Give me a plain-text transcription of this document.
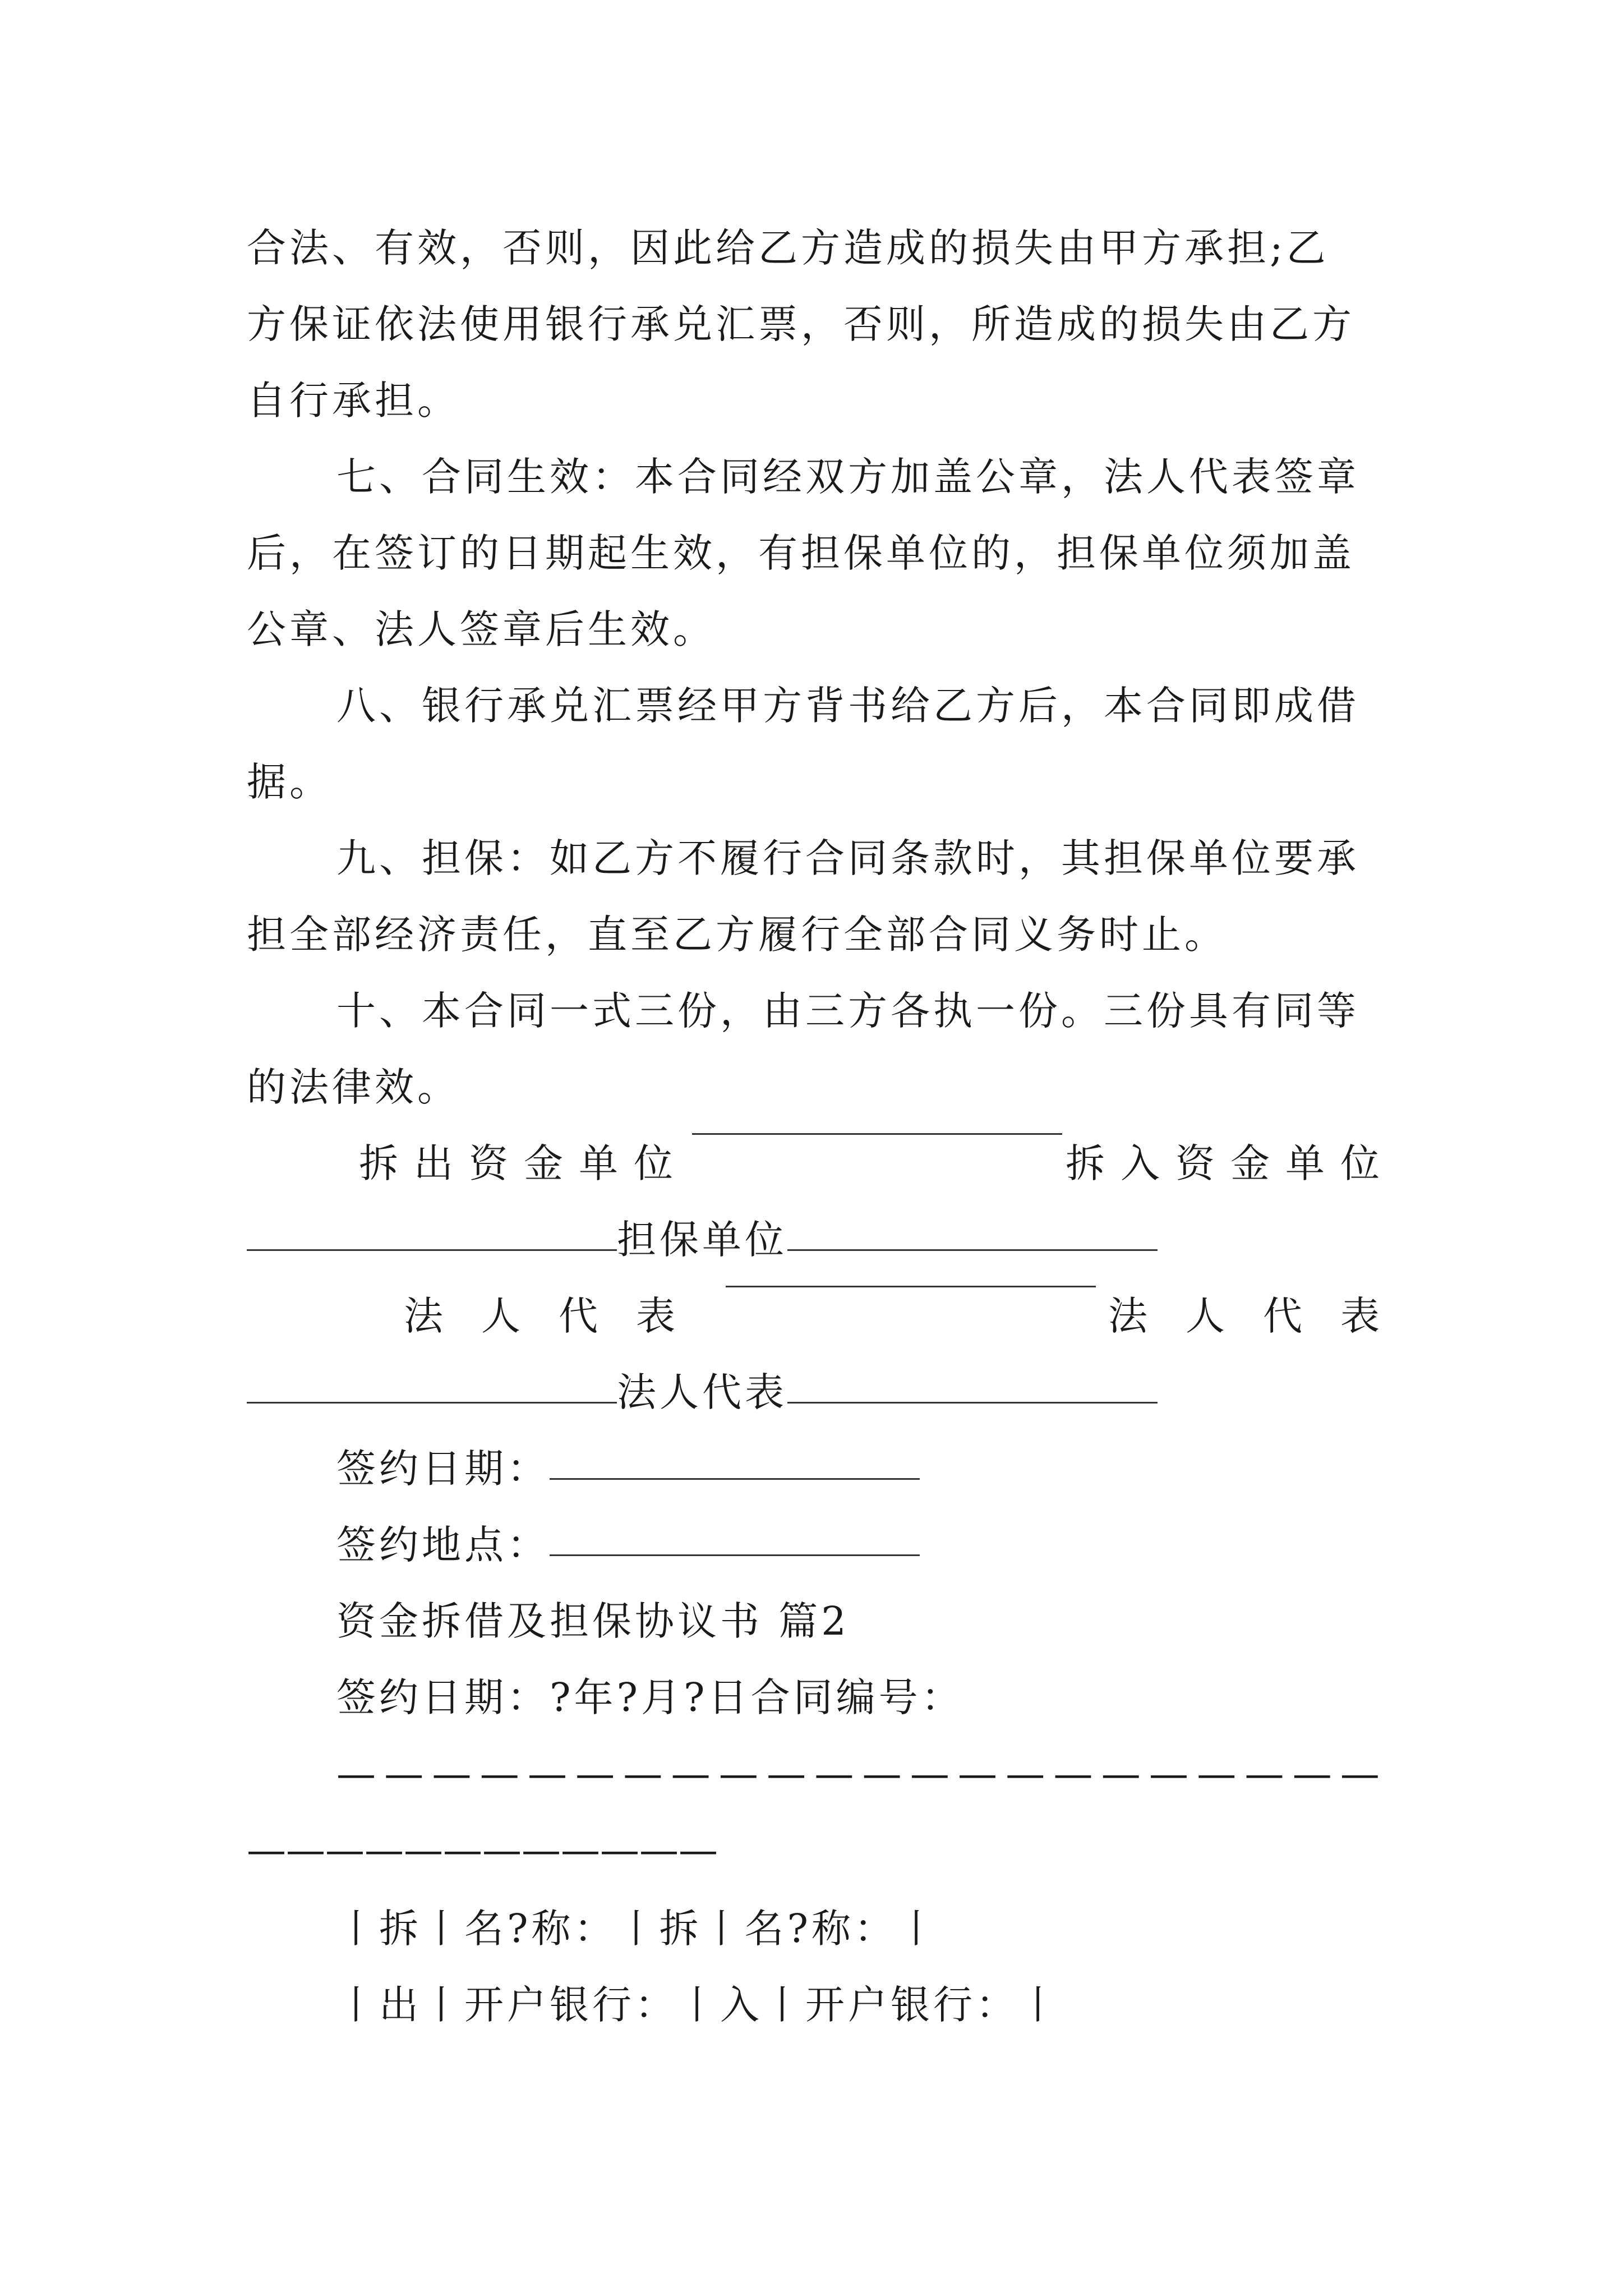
合法、有效，否则，因此给乙方造成的损失由甲方承担;乙
方保证依法使用银行承兑汇票，否则，所造成的损失由乙方
自行承担。
七、合同生效：本合同经双方加盖公章，法人代表签章
后，在签订的日期起生效，有担保单位的，担保单位须加盖
公章、法人签章后生效。
八、银行承兑汇票经甲方背书给乙方后，本合同即成借
据。
九、担保：如乙方不履行合同条款时，其担保单位要承
担全部经济责任，直至乙方履行全部合同义务时止。
十、本合同一式三份，由三方各执一份。三份具有同等
的法律效。
拆出资金单位	拆入资金单位
担保单位
法人代表	法人代表
法人代表
签约日期：
签约地点：
资金拆借及担保协议书 篇2
签约日期：?年?月?日合同编号：
— — — — — — — — — — — — — — — — — — — — — —
— — — — — — — — — — — —
丨拆丨名?称：丨拆丨名?称：丨
丨出丨开户银行：丨入丨开户银行：丨
